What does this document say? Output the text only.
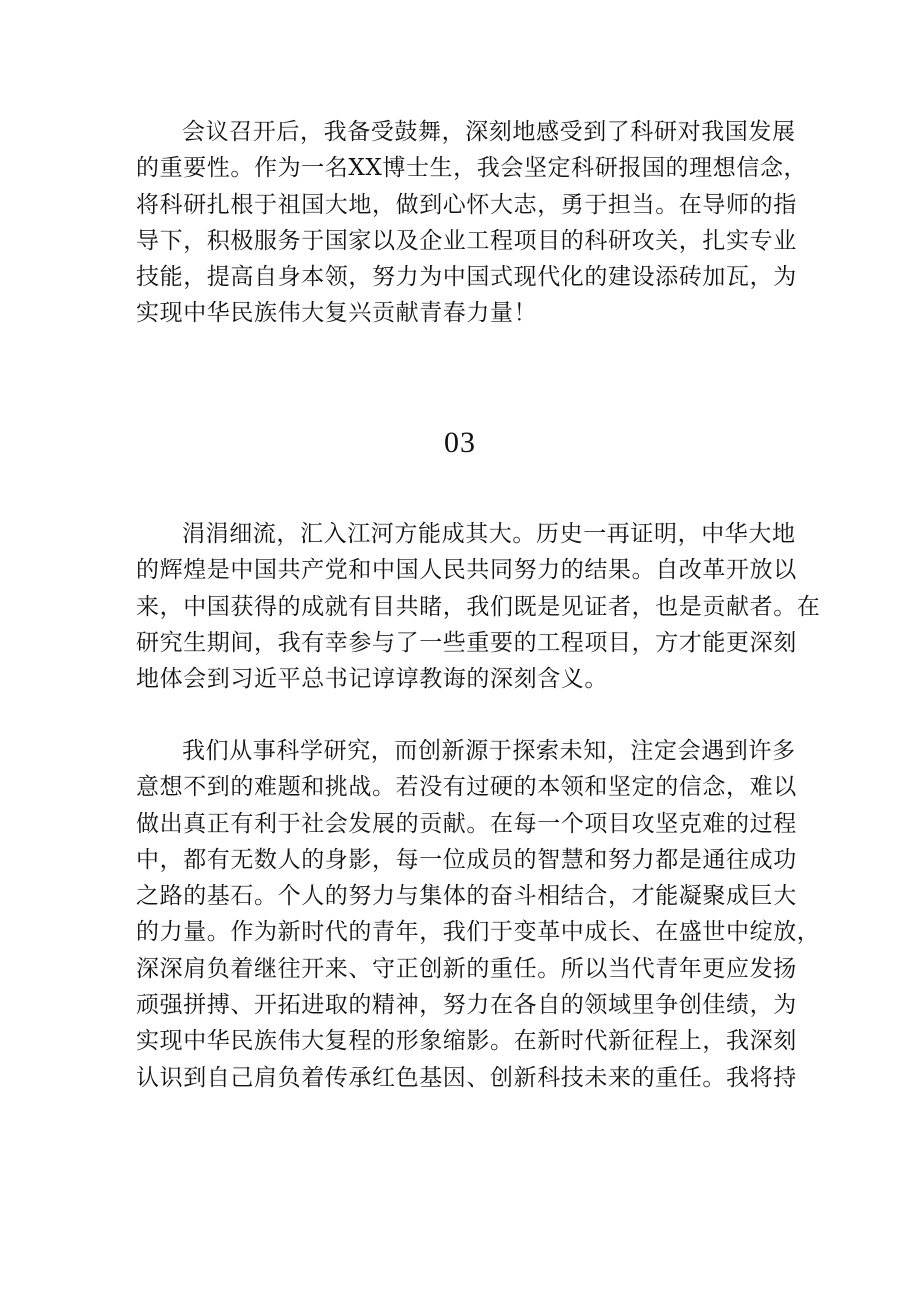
会议召开后，我备受鼓舞，深刻地感受到了科研对我国发展
的重要性。作为一名XX博士生，我会坚定科研报国的理想信念，
将科研扎根于祖国大地，做到心怀大志，勇于担当。在导师的指
导下，积极服务于国家以及企业工程项目的科研攻关，扎实专业
技能，提高自身本领，努力为中国式现代化的建设添砖加瓦，为
实现中华民族伟大复兴贡献青春力量！

03

涓涓细流，汇入江河方能成其大。历史一再证明，中华大地
的辉煌是中国共产党和中国人民共同努力的结果。自改革开放以
来，中国获得的成就有目共睹，我们既是见证者，也是贡献者。在
研究生期间，我有幸参与了一些重要的工程项目，方才能更深刻
地体会到习近平总书记谆谆教诲的深刻含义。

我们从事科学研究，而创新源于探索未知，注定会遇到许多
意想不到的难题和挑战。若没有过硬的本领和坚定的信念，难以
做出真正有利于社会发展的贡献。在每一个项目攻坚克难的过程
中，都有无数人的身影，每一位成员的智慧和努力都是通往成功
之路的基石。个人的努力与集体的奋斗相结合，才能凝聚成巨大
的力量。作为新时代的青年，我们于变革中成长、在盛世中绽放，
深深肩负着继往开来、守正创新的重任。所以当代青年更应发扬
顽强拼搏、开拓进取的精神，努力在各自的领域里争创佳绩，为
实现中华民族伟大复程的形象缩影。在新时代新征程上，我深刻
认识到自己肩负着传承红色基因、创新科技未来的重任。我将持
